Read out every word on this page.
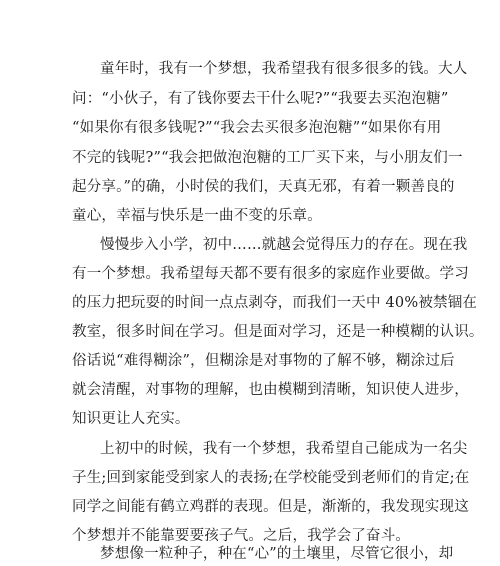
童年时，我有一个梦想，我希望我有很多很多的钱。大人
问：“小伙子，有了钱你要去干什么呢?”“我要去买泡泡糖”
“如果你有很多钱呢?”“我会去买很多泡泡糖”“如果你有用
不完的钱呢?”“我会把做泡泡糖的工厂买下来，与小朋友们一
起分享。”的确，小时侯的我们，天真无邪，有着一颗善良的
童心，幸福与快乐是一曲不变的乐章。
慢慢步入小学，初中……就越会觉得压力的存在。现在我
有一个梦想。我希望每天都不要有很多的家庭作业要做。学习
的压力把玩耍的时间一点点剥夺，而我们一天中 40%被禁锢在
教室，很多时间在学习。但是面对学习，还是一种模糊的认识。
俗话说“难得糊涂”，但糊涂是对事物的了解不够，糊涂过后
就会清醒，对事物的理解，也由模糊到清晰，知识使人进步，
知识更让人充实。
上初中的时候，我有一个梦想，我希望自己能成为一名尖
子生;回到家能受到家人的表扬;在学校能受到老师们的肯定;在
同学之间能有鹤立鸡群的表现。但是，渐渐的，我发现实现这
个梦想并不能靠要要孩子气。之后，我学会了奋斗。
梦想像一粒种子，种在“心”的土壤里，尽管它很小，却
